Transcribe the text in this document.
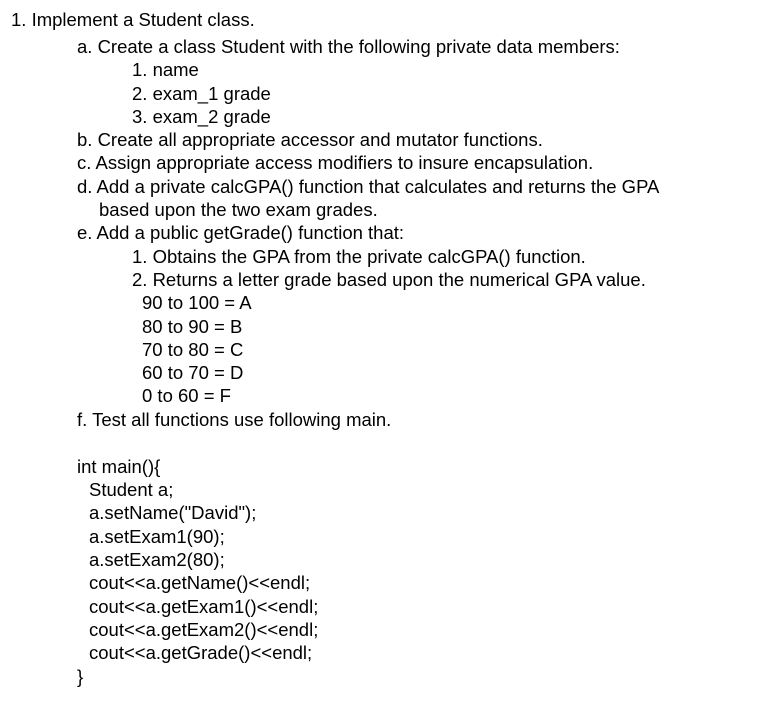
1. Implement a Student class.
a. Create a class Student with the following private data members:
1. name
2. exam_1 grade
3. exam_2 grade
b. Create all appropriate accessor and mutator functions.
c. Assign appropriate access modifiers to insure encapsulation.
d. Add a private calcGPA() function that calculates and returns the GPA
based upon the two exam grades.
e. Add a public getGrade() function that:
1. Obtains the GPA from the private calcGPA() function.
2. Returns a letter grade based upon the numerical GPA value.
90 to 100 = A
80 to 90 = B
70 to 80 = C
60 to 70 = D
0 to 60 = F
f. Test all functions use following main.
int main(){
Student a;
a.setName("David");
a.setExam1(90);
a.setExam2(80);
cout<<a.getName()<<endl;
cout<<a.getExam1()<<endl;
cout<<a.getExam2()<<endl;
cout<<a.getGrade()<<endl;
}
